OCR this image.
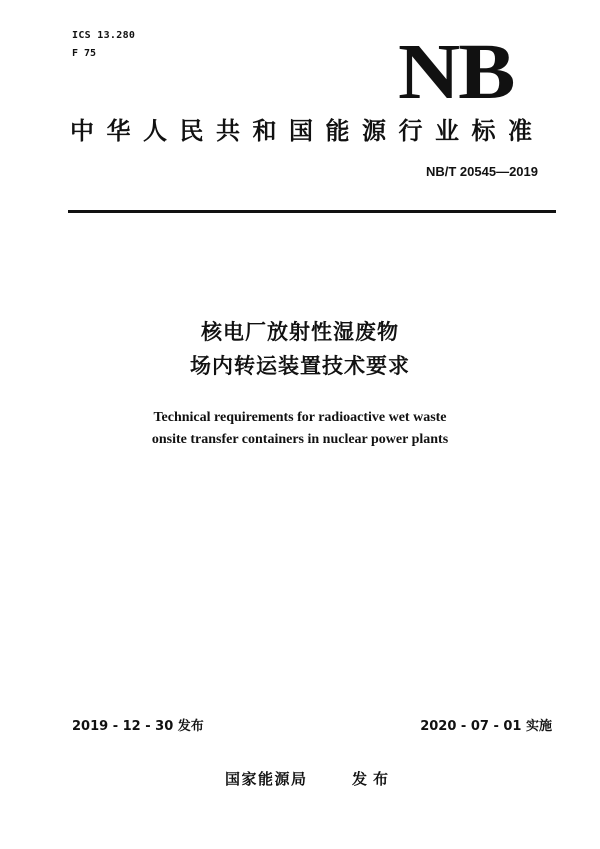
ICS 13.280
F 75	NB
中华人民共和国能源行业标准
NB/T 20545—2019
核电厂放射性湿废物
场内转运装置技术要求
Technical requirements for radioactive wet waste
onsite transfer containers in nuclear power plants
2019 - 12 - 30 发布	2020 - 07 - 01 实施
国家能源局	发布
